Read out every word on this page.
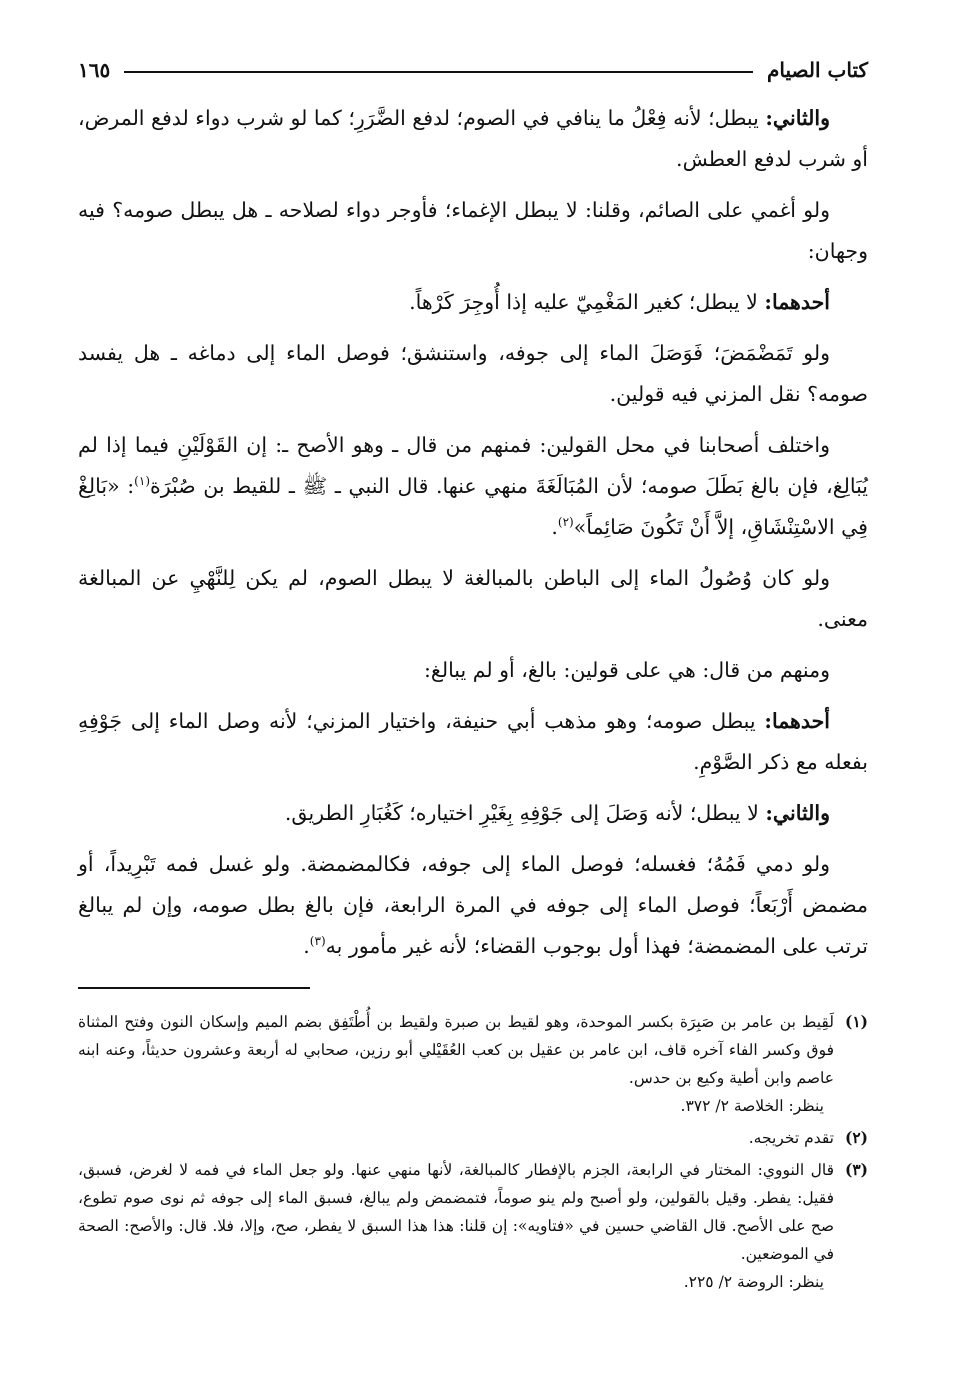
كتاب الصيام
١٦٥

والثاني: يبطل؛ لأنه فِعْلُ ما ينافي في الصوم؛ لدفع الضَّرَرِ؛ كما لو شرب دواء لدفع المرض، أو شرب لدفع العطش.

ولو أغمي على الصائم، وقلنا: لا يبطل الإغماء؛ فأوجر دواء لصلاحه ـ هل يبطل صومه؟ فيه وجهان:

أحدهما: لا يبطل؛ كغير المَغْمِيّ عليه إذا أُوجِرَ كَرْهاً.

ولو تَمَضْمَضَ؛ فَوَصَلَ الماء إلى جوفه، واستنشق؛ فوصل الماء إلى دماغه ـ هل يفسد صومه؟ نقل المزني فيه قولين.

واختلف أصحابنا في محل القولين: فمنهم من قال ـ وهو الأصح ـ: إن القَوْلَيْنِ فيما إذا لم يُبَالِغ، فإن بالغ بَطَلَ صومه؛ لأن المُبَالَغَةَ منهي عنها. قال النبي ـ ﷺ ـ للقيط بن صُبْرَة$^{(١)}$: «بَالِغْ فِي الاسْتِنْشَاقِ، إلاَّ أَنْ تَكُونَ صَائِماً»$^{(٢)}$.

ولو كان وُصُولُ الماء إلى الباطن بالمبالغة لا يبطل الصوم، لم يكن لِلنَّهْيِ عن المبالغة معنى.

ومنهم من قال: هي على قولين: بالغ، أو لم يبالغ:

أحدهما: يبطل صومه؛ وهو مذهب أبي حنيفة، واختيار المزني؛ لأنه وصل الماء إلى جَوْفِهِ بفعله مع ذكر الصَّوْمِ.

والثاني: لا يبطل؛ لأنه وَصَلَ إلى جَوْفِهِ بِغَيْرِ اختياره؛ كَغُبَارِ الطريق.

ولو دمي فَمُهُ؛ فغسله؛ فوصل الماء إلى جوفه، فكالمضمضة. ولو غسل فمه تَبْرِيداً، أو مضمض أَرْبَعاً؛ فوصل الماء إلى جوفه في المرة الرابعة، فإن بالغ بطل صومه، وإن لم يبالغ ترتب على المضمضة؛ فهذا أول بوجوب القضاء؛ لأنه غير مأمور به$^{(٣)}$.

(١)
لَقِيط بن عامر بن صَبِرَة بكسر الموحدة، وهو لقيط بن صبرة ولقيط بن أُطْتَفِق بضم الميم وإسكان النون وفتح المثناة فوق وكسر الفاء آخره قاف، ابن عامر بن عقيل بن كعب العُقَيْلي أبو رزين، صحابي له أربعة وعشرون حديثاً، وعنه ابنه عاصم وابن أطية وكيع بن حدس.
ينظر: الخلاصة ٢/ ٣٧٢.
(٢)
تقدم تخريجه.
(٣)
قال النووي: المختار في الرابعة، الجزم بالإفطار كالمبالغة، لأنها منهي عنها. ولو جعل الماء في فمه لا لغرض، فسبق، فقيل: يفطر. وقيل بالقولين، ولو أصبح ولم ينو صوماً، فتمضمض ولم يبالغ، فسبق الماء إلى جوفه ثم نوى صوم تطوع، صح على الأصح. قال القاضي حسين في «فتاويه»: إن قلنا: هذا هذا السبق لا يفطر، صح، وإلا، فلا. قال: والأصح: الصحة في الموضعين.
ينظر: الروضة ٢/ ٢٢٥.
